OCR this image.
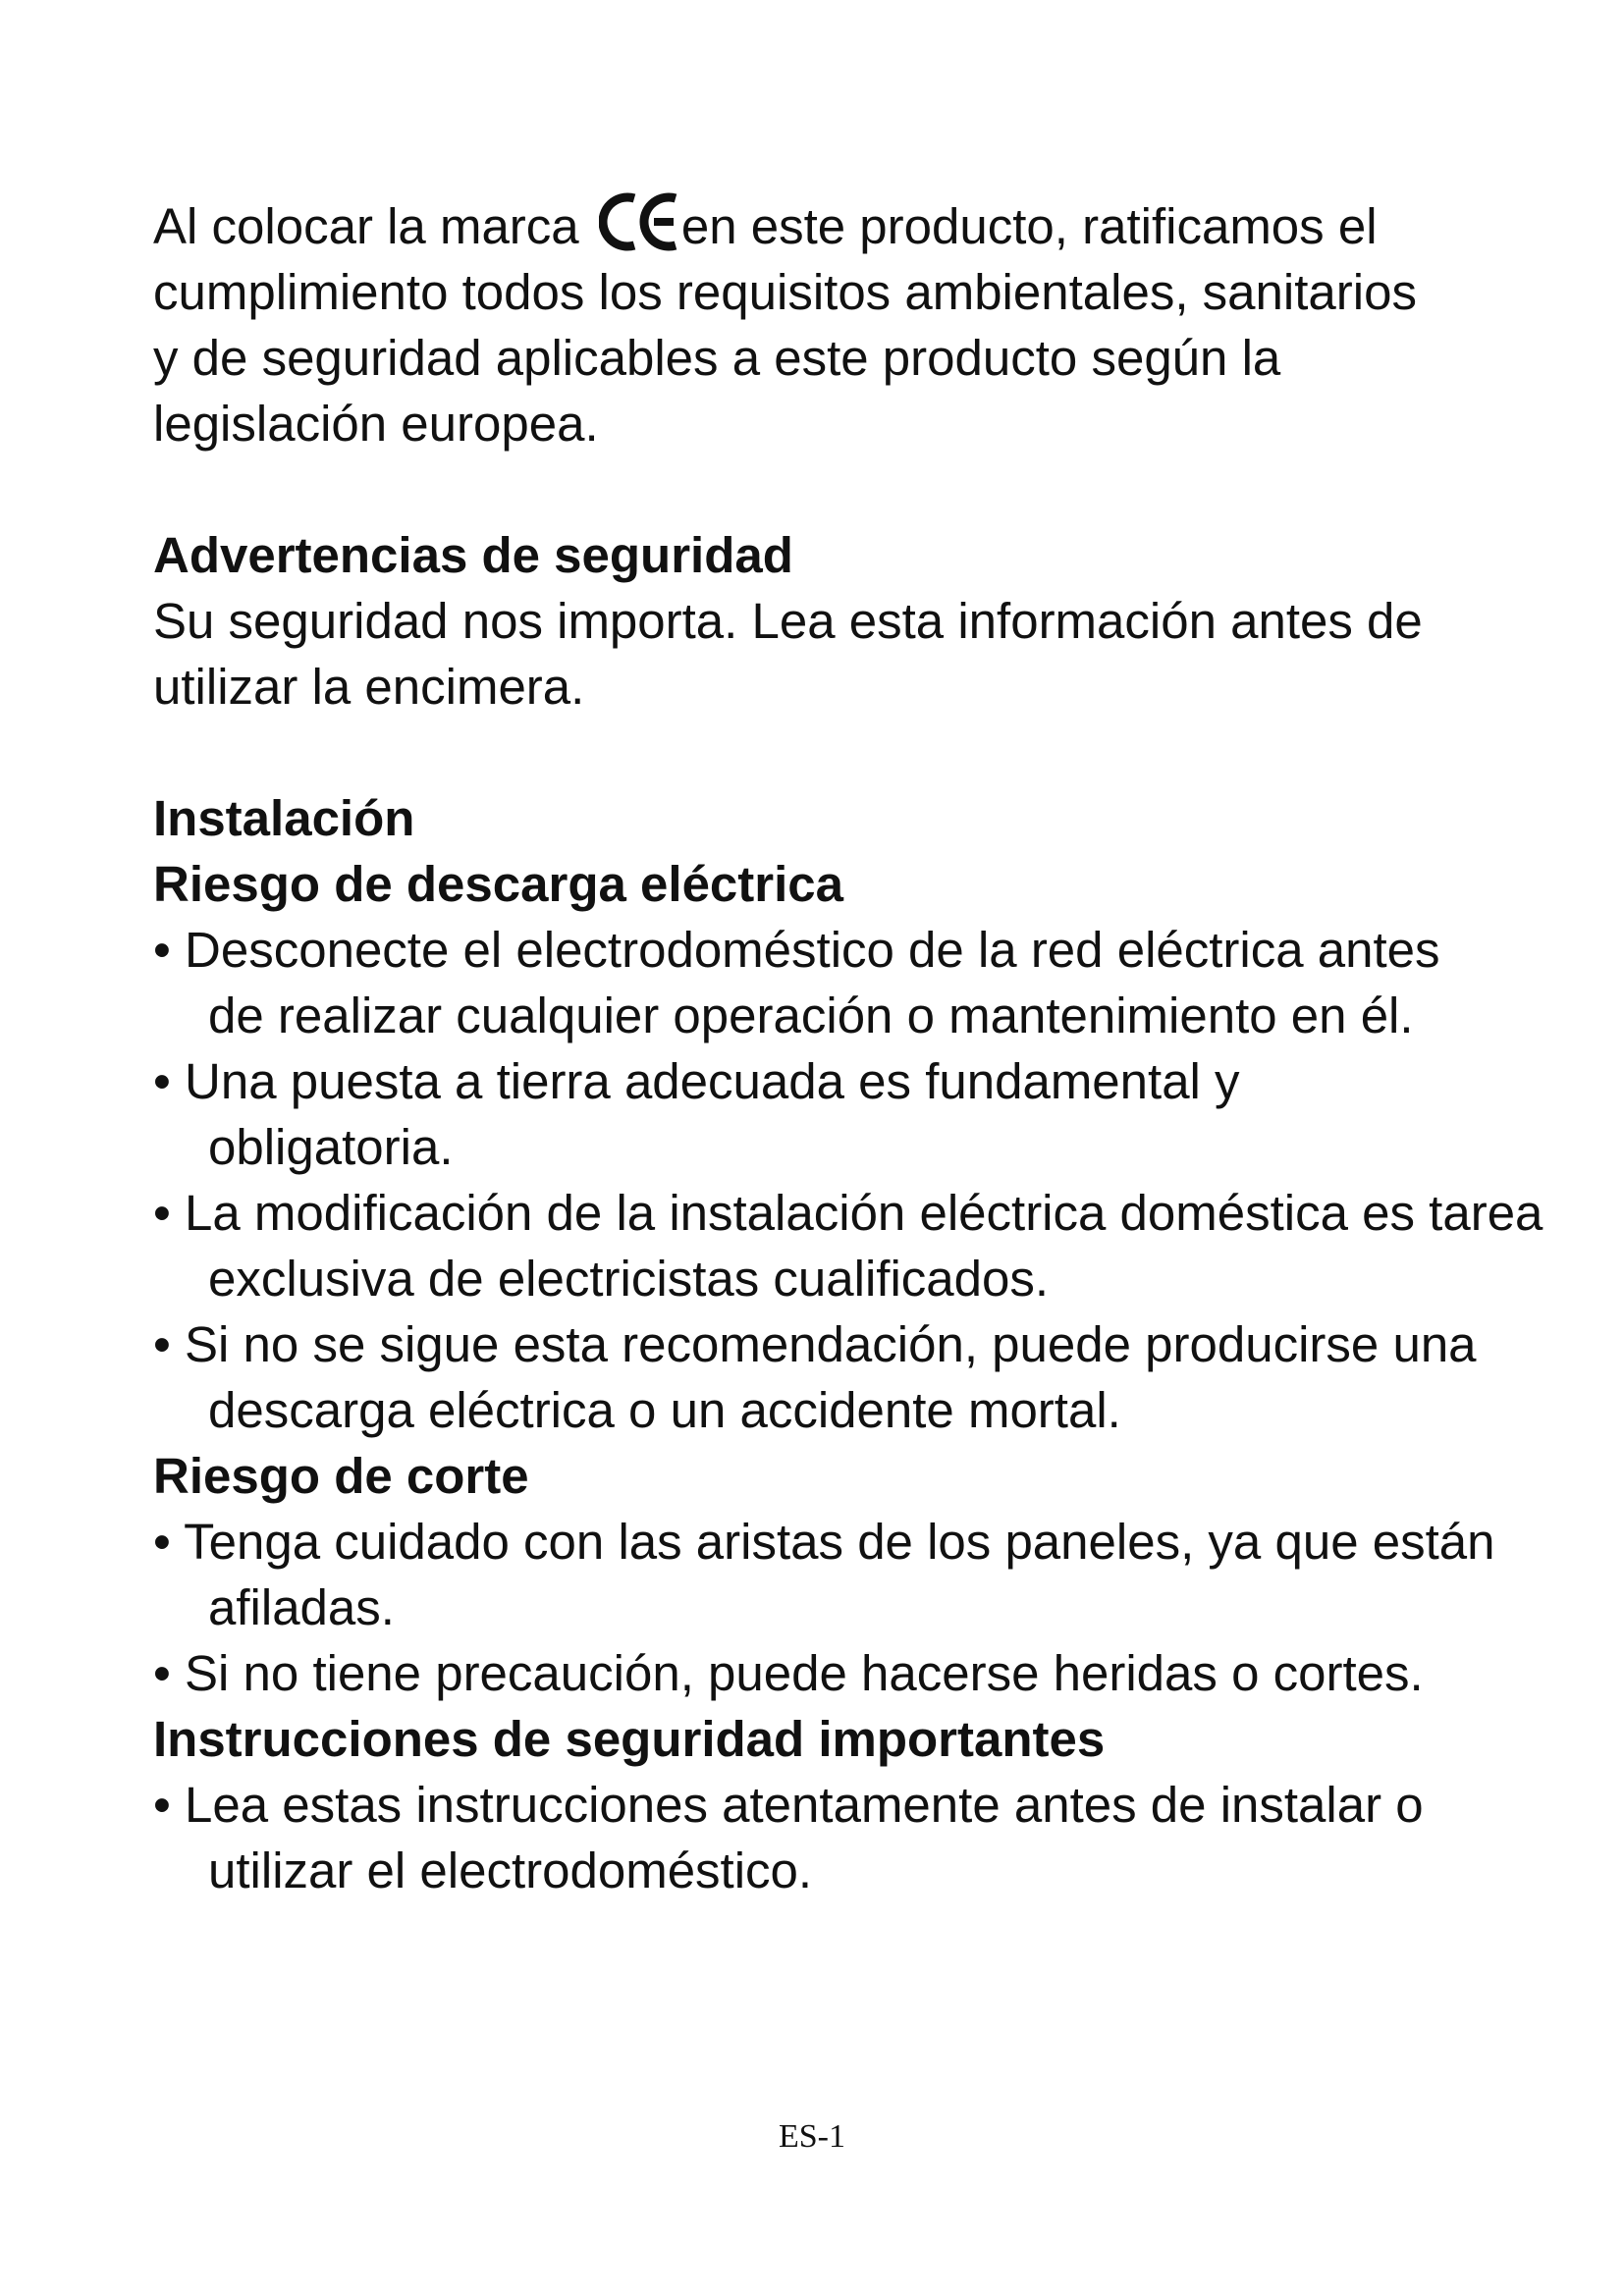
Al colocar la marca
en este producto, ratificamos el cumplimiento todos los requisitos ambientales, sanitarios y de seguridad aplicables a este producto según la legislación europea.

Advertencias de seguridad

Su seguridad nos importa. Lea esta información antes de utilizar la encimera.

Instalación

Riesgo de descarga eléctrica

• Desconecte el electrodoméstico de la red eléctrica antes de realizar cualquier operación o mantenimiento en él.

• Una puesta a tierra adecuada es fundamental y obligatoria.

• La modificación de la instalación eléctrica doméstica es tarea exclusiva de electricistas cualificados.

• Si no se sigue esta recomendación, puede producirse una descarga eléctrica o un accidente mortal.

Riesgo de corte

• Tenga cuidado con las aristas de los paneles, ya que están afiladas.

• Si no tiene precaución, puede hacerse heridas o cortes.

Instrucciones de seguridad importantes

• Lea estas instrucciones atentamente antes de instalar o utilizar el electrodoméstico.

ES-1
